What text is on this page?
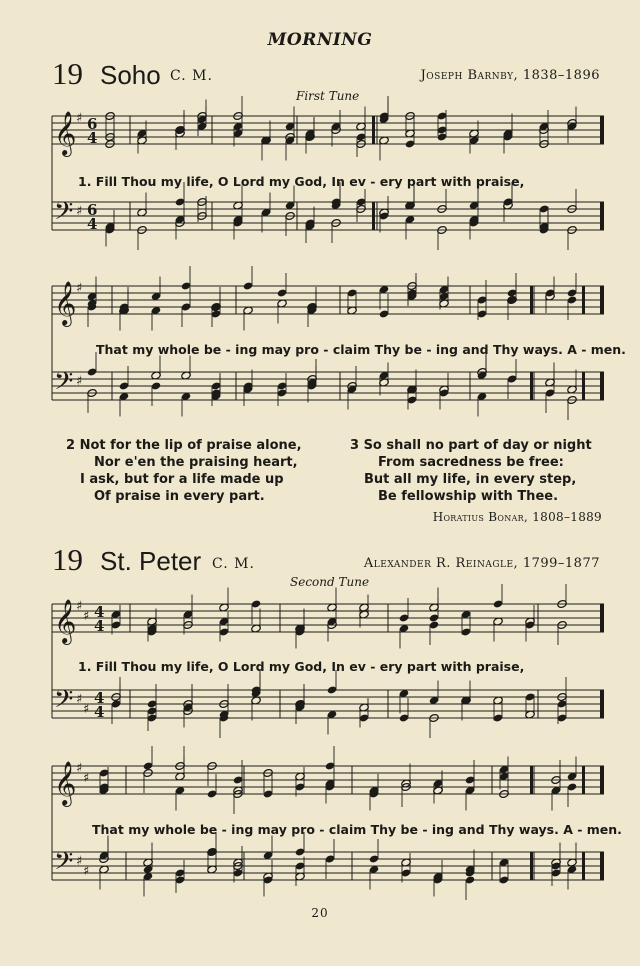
MORNING
19 Soho C. M.	Joseph Barnby, 1838–1896
First Tune
𝄞 ♯ 6
4
𝄢 ♯ 6
4
1. Fill Thou my life, O Lord my God, In ev - ery part with praise,
𝄞 ♯
𝄢 ♯
That my whole be - ing may pro - claim Thy be - ing and Thy ways. A - men.
2 Not for the lip of praise alone,
Nor e'en the praising heart,
I ask, but for a life made up
Of praise in every part.
3 So shall no part of day or night
From sacredness be free:
But all my life, in every step,
Be fellowship with Thee.
Horatius Bonar, 1808–1889
19 St. Peter C. M.	Alexander R. Reinagle, 1799–1877
Second Tune
𝄞 ♯
♯ 4
4
𝄢 ♯
♯
4
4
1. Fill Thou my life, O Lord my God, In ev - ery part with praise,
𝄞 ♯
♯
𝄢 ♯
♯
That my whole be - ing may pro - claim Thy be - ing and Thy ways. A - men.
20
